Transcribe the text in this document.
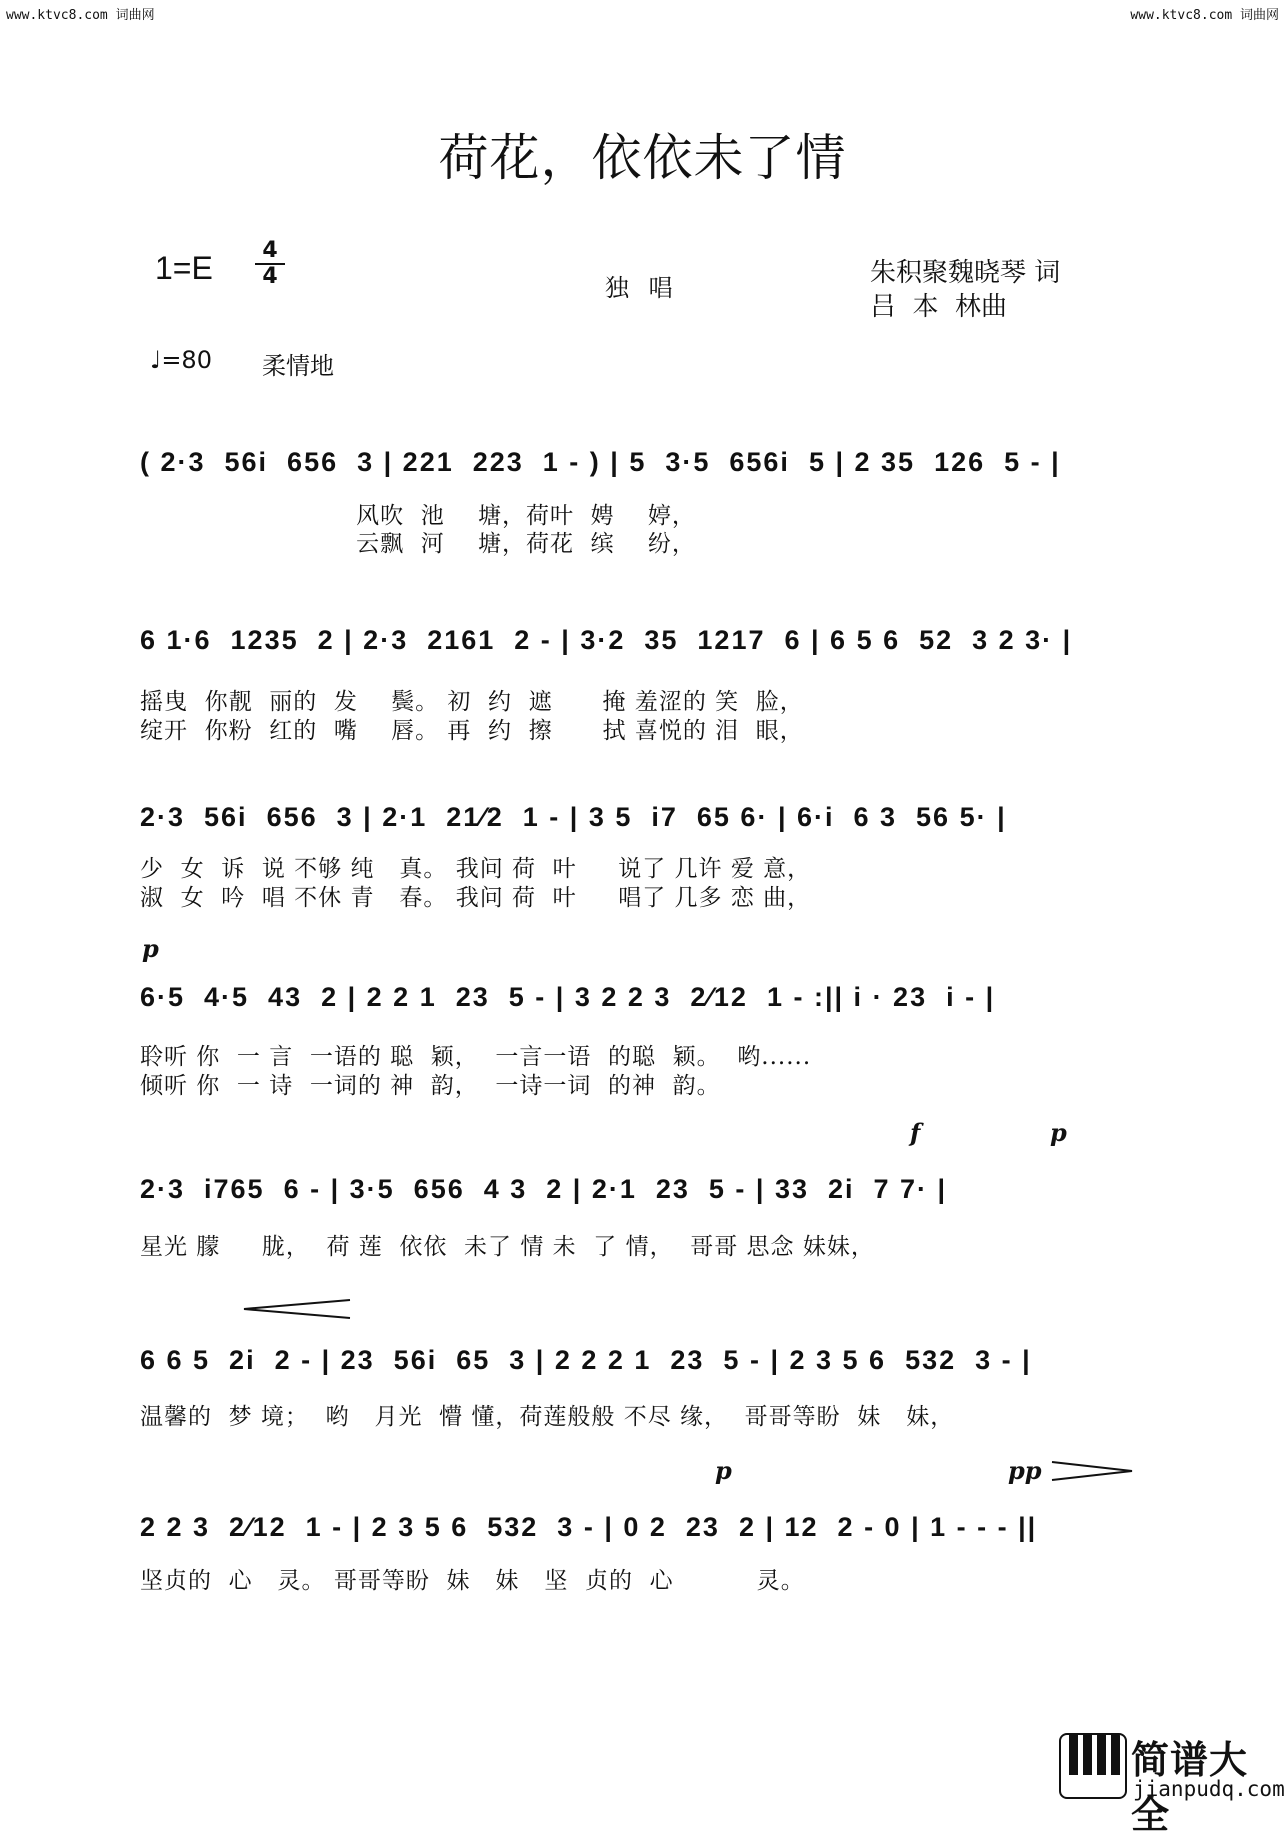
www.ktvc8.com 词曲网	www.ktvc8.com 词曲网
荷花，依依未了情
1=E	4
4	独 唱	朱积聚魏晓琴 词
吕  本  林曲
♩=80 柔情地
( 2·3  56i  656  3 | 221  223  1 - ) | 5  3·5  656i  5 | 2 35  126  5 - |
风吹  池    塘，荷叶  娉    婷，
云飘  河    塘，荷花  缤    纷，
6 1·6  1235  2 | 2·3  2161  2 - | 3·2  35  1217  6 | 6 5 6  52  3 2 3· |
摇曳  你靓  丽的  发    鬓。 初  约  遮      掩 羞涩的 笑  脸，
绽开  你粉  红的  嘴    唇。 再  约  擦      拭 喜悦的 泪  眼，
2·3  56i  656  3 | 2·1  21⁄2  1 - | 3 5  i7  65 6· | 6·i  6 3  56 5· |
少  女  诉  说 不够 纯   真。 我问 荷  叶     说了 几许 爱 意，
淑  女  吟  唱 不休 青   春。 我问 荷  叶     唱了 几多 恋 曲，
p
6·5  4·5  43  2 | 2 2 1  23  5 - | 3 2 2 3  2⁄12  1 - :|| i · 23  i - |
聆听 你  一 言  一语的 聪  颖，  一言一语  的聪  颖。  哟......
倾听 你  一 诗  一词的 神  韵，  一诗一词  的神  韵。
f	p
2·3  i765  6 - | 3·5  656  4 3  2 | 2·1  23  5 - | 33  2i  7 7· |
星光 朦     胧，  荷 莲  依依  未了 情 未  了 情，  哥哥 思念 妹妹，
6 6 5  2i  2 - | 23  56i  65  3 | 2 2 2 1  23  5 - | 2 3 5 6  532  3 - |
温馨的  梦 境；  哟   月光  懵 懂，荷莲般般 不尽 缘，  哥哥等盼  妹   妹，
p	pp
2 2 3  2⁄12  1 - | 2 3 5 6  532  3 - | 0 2  23  2 | 12  2 - 0 | 1 - - - ||
坚贞的  心   灵。 哥哥等盼  妹   妹   坚  贞的  心          灵。
简谱大全
jianpudq.com
